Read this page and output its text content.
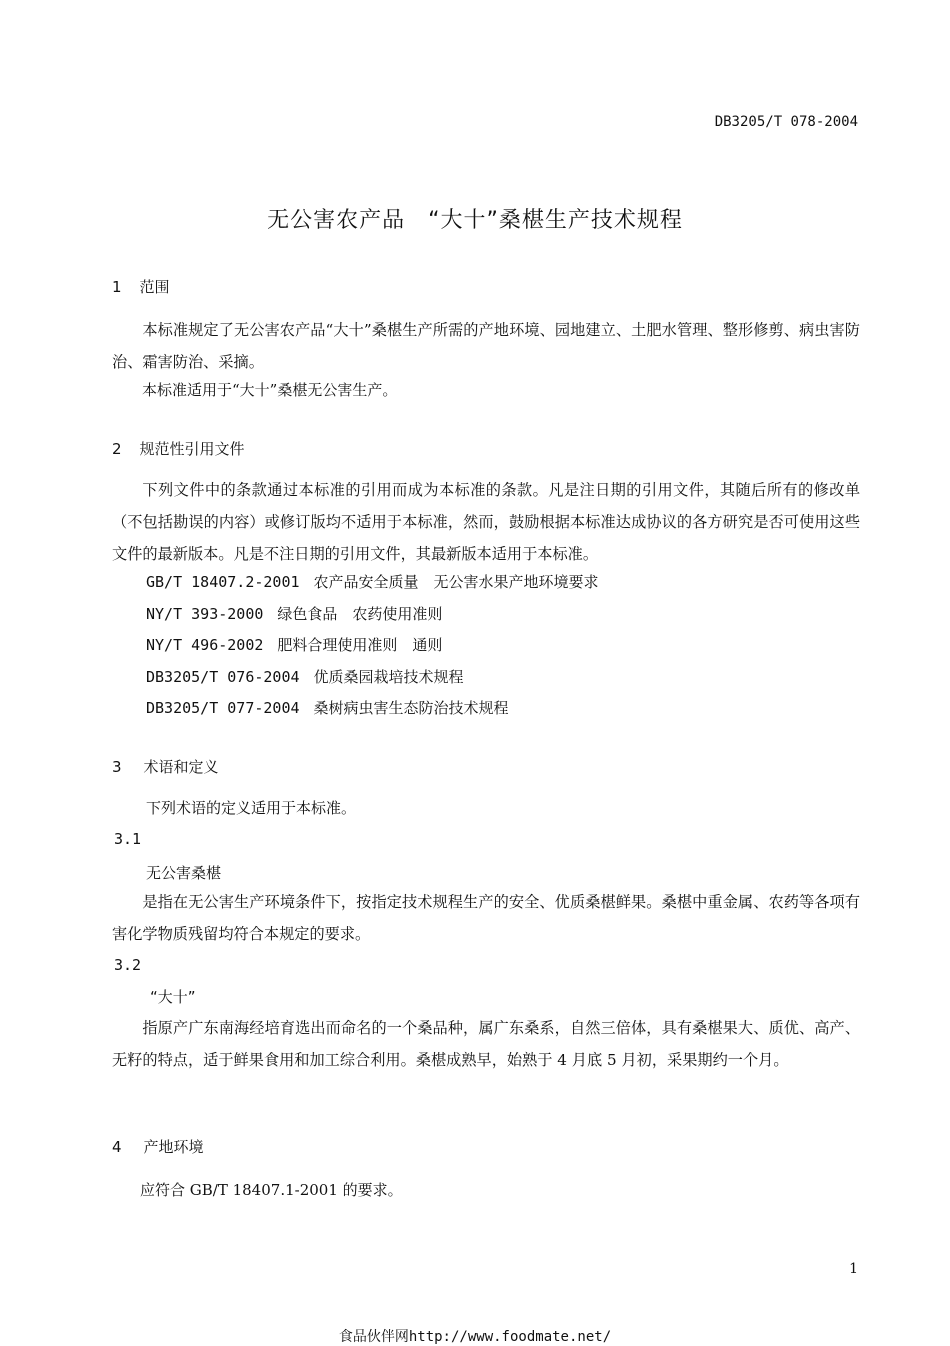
DB3205/T 078-2004
无公害农产品　“大十”桑椹生产技术规程
1 范围
本标准规定了无公害农产品“大十”桑椹生产所需的产地环境、园地建立、土肥水管理、整形修剪、病虫害防治、霜害防治、采摘。
本标准适用于“大十”桑椹无公害生产。
2 规范性引用文件
下列文件中的条款通过本标准的引用而成为本标准的条款。凡是注日期的引用文件，其随后所有的修改单（不包括勘误的内容）或修订版均不适用于本标准，然而，鼓励根据本标准达成协议的各方研究是否可使用这些文件的最新版本。凡是不注日期的引用文件，其最新版本适用于本标准。
GB/T 18407.2-2001 农产品安全质量　无公害水果产地环境要求
NY/T 393-2000 绿色食品　农药使用准则
NY/T 496-2002 肥料合理使用准则　通则
DB3205/T 076-2004 优质桑园栽培技术规程
DB3205/T 077-2004 桑树病虫害生态防治技术规程
3 术语和定义
下列术语的定义适用于本标准。
3.1
无公害桑椹
是指在无公害生产环境条件下，按指定技术规程生产的安全、优质桑椹鲜果。桑椹中重金属、农药等各项有害化学物质残留均符合本规定的要求。
3.2
“大十”
指原产广东南海经培育选出而命名的一个桑品种，属广东桑系，自然三倍体，具有桑椹果大、质优、高产、无籽的特点，适于鲜果食用和加工综合利用。桑椹成熟早，始熟于 4 月底 5 月初，采果期约一个月。
4 产地环境
应符合 GB/T 18407.1-2001 的要求。
1
食品伙伴网http://www.foodmate.net/
